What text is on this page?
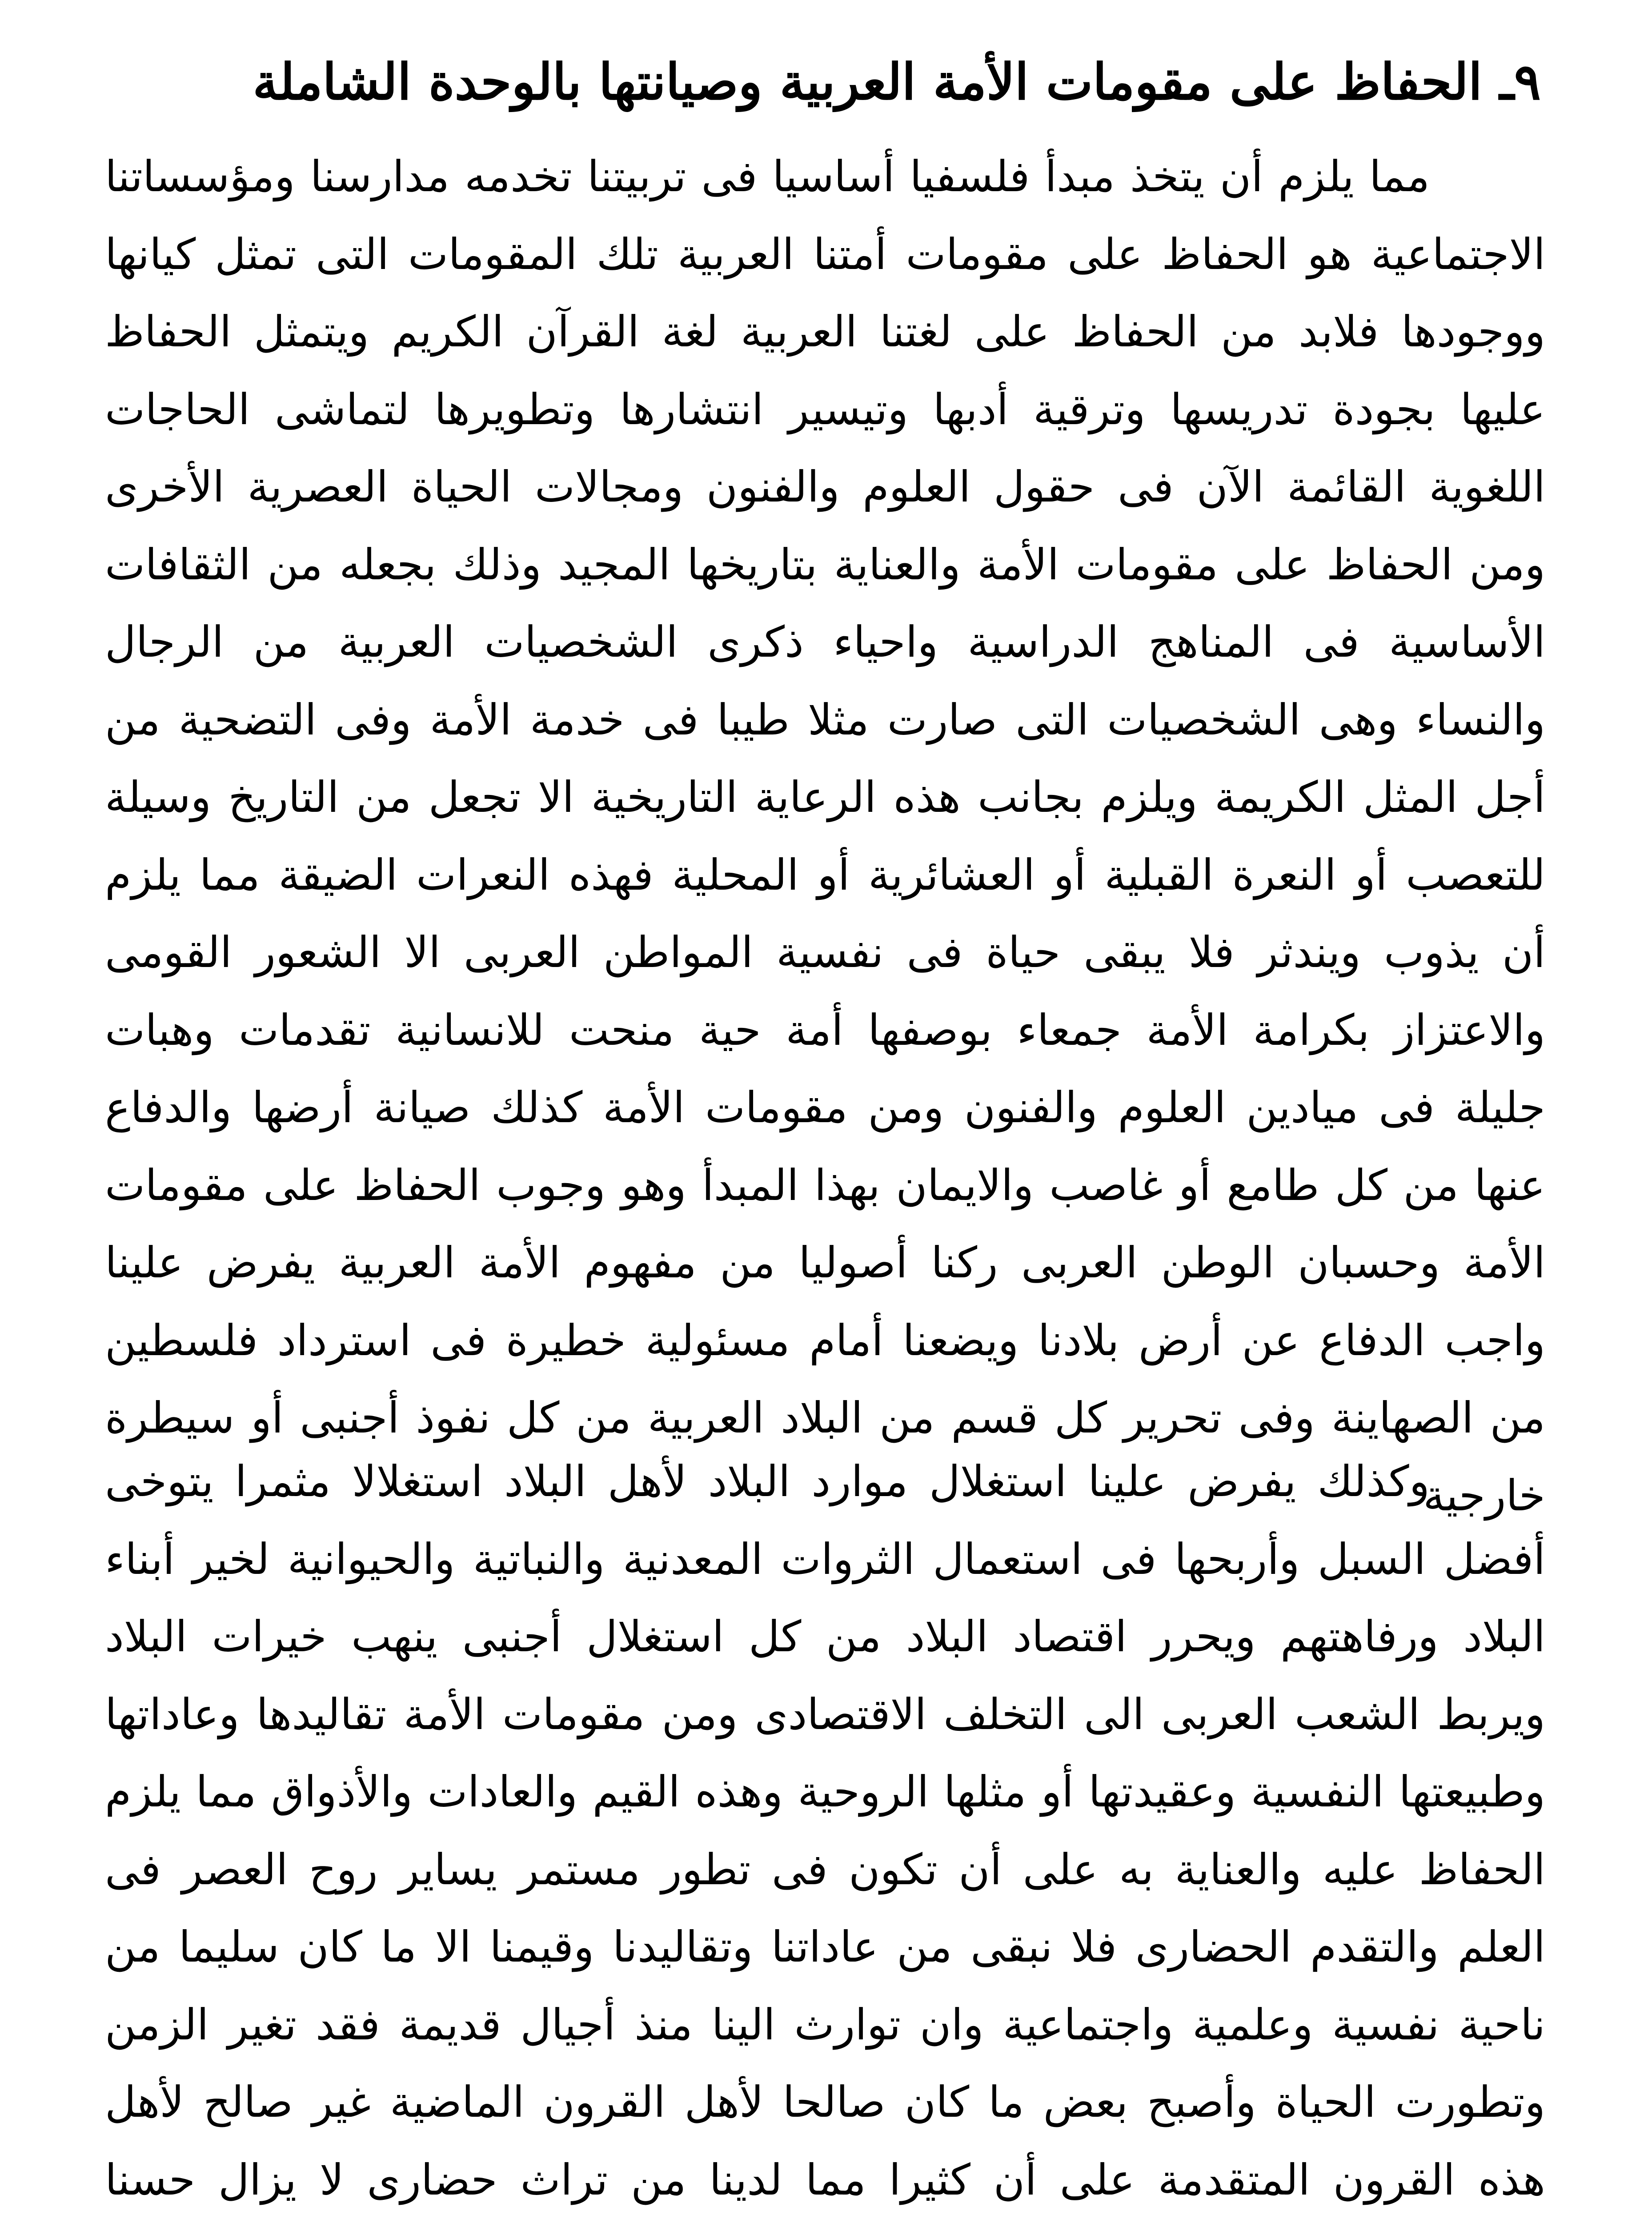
٩ـ الحفاظ على مقومات الأمة العربية وصيانتها بالوحدة الشاملة

مما يلزم أن يتخذ مبدأ فلسفيا أساسيا فى تربيتنا تخدمه مدارسنا ومؤسساتنا الاجتماعية هو الحفاظ على مقومات أمتنا العربية تلك المقومات التى تمثل كيانها ووجودها فلابد من الحفاظ على لغتنا العربية لغة القرآن الكريم ويتمثل الحفاظ عليها بجودة تدريسها وترقية أدبها وتيسير انتشارها وتطويرها لتماشى الحاجات اللغوية القائمة الآن فى حقول العلوم والفنون ومجالات الحياة العصرية الأخرى ومن الحفاظ على مقومات الأمة والعناية بتاريخها المجيد وذلك بجعله من الثقافات الأساسية فى المناهج الدراسية واحياء ذكرى الشخصيات العربية من الرجال والنساء وهى الشخصيات التى صارت مثلا طيبا فى خدمة الأمة وفى التضحية من أجل المثل الكريمة ويلزم بجانب هذه الرعاية التاريخية الا تجعل من التاريخ وسيلة للتعصب أو النعرة القبلية أو العشائرية أو المحلية فهذه النعرات الضيقة مما يلزم أن يذوب ويندثر فلا يبقى حياة فى نفسية المواطن العربى الا الشعور القومى والاعتزاز بكرامة الأمة جمعاء بوصفها أمة حية منحت للانسانية تقدمات وهبات جليلة فى ميادين العلوم والفنون ومن مقومات الأمة كذلك صيانة أرضها والدفاع عنها من كل طامع أو غاصب والايمان بهذا المبدأ وهو وجوب الحفاظ على مقومات الأمة وحسبان الوطن العربى ركنا أصوليا من مفهوم الأمة العربية يفرض علينا واجب الدفاع عن أرض بلادنا ويضعنا أمام مسئولية خطيرة فى استرداد فلسطين من الصهاينة وفى تحرير كل قسم من البلاد العربية من كل نفوذ أجنبى أو سيطرة خارجية

وكذلك يفرض علينا استغلال موارد البلاد لأهل البلاد استغلالا مثمرا يتوخى أفضل السبل وأربحها فى استعمال الثروات المعدنية والنباتية والحيوانية لخير أبناء البلاد ورفاهتهم ويحرر اقتصاد البلاد من كل استغلال أجنبى ينهب خيرات البلاد ويربط الشعب العربى الى التخلف الاقتصادى ومن مقومات الأمة تقاليدها وعاداتها وطبيعتها النفسية وعقيدتها أو مثلها الروحية وهذه القيم والعادات والأذواق مما يلزم الحفاظ عليه والعناية به على أن تكون فى تطور مستمر يساير روح العصر فى العلم والتقدم الحضارى فلا نبقى من عاداتنا وتقاليدنا وقيمنا الا ما كان سليما من ناحية نفسية وعلمية واجتماعية وان توارث الينا منذ أجيال قديمة فقد تغير الزمن وتطورت الحياة وأصبح بعض ما كان صالحا لأهل القرون الماضية غير صالح لأهل هذه القرون المتقدمة على أن كثيرا مما لدينا من تراث حضارى لا يزال حسنا
